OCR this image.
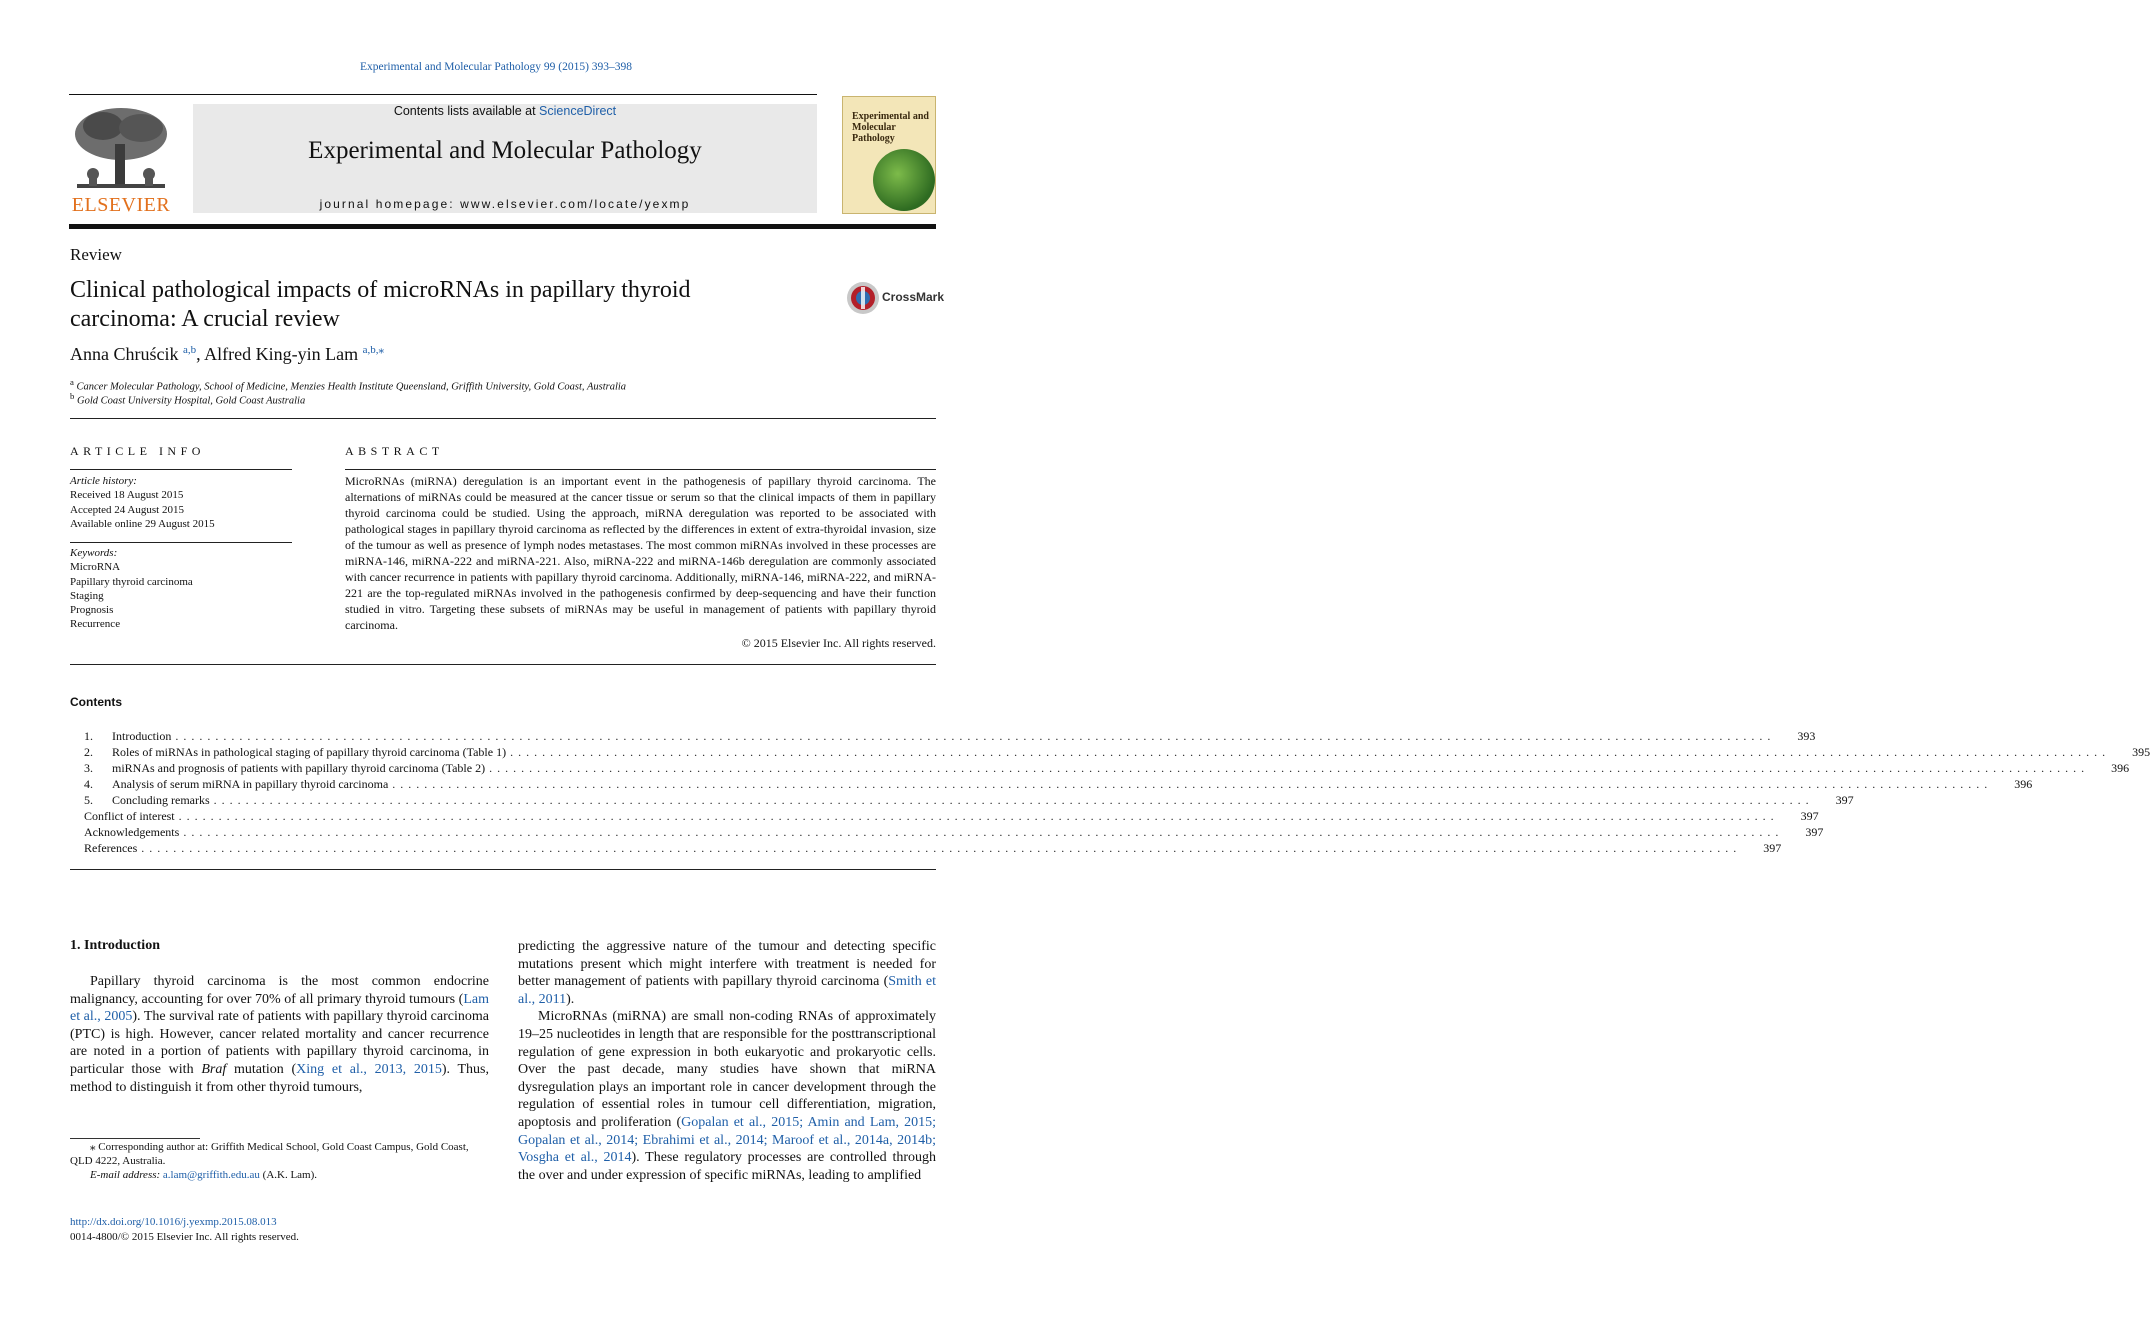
Experimental and Molecular Pathology 99 (2015) 393–398
ELSEVIER
Contents lists available at ScienceDirect
Experimental and Molecular Pathology
journal homepage: www.elsevier.com/locate/yexmp
Experimental and Molecular Pathology
Review
Clinical pathological impacts of microRNAs in papillary thyroid carcinoma: A crucial review
CrossMark
Anna Chruścik $^{a,b}$, Alfred King-yin Lam $^{a,b,⁎}$
$^a$ Cancer Molecular Pathology, School of Medicine, Menzies Health Institute Queensland, Griffith University, Gold Coast, Australia
$^b$ Gold Coast University Hospital, Gold Coast Australia
ARTICLE INFO
Article history:
Received 18 August 2015
Accepted 24 August 2015
Available online 29 August 2015
Keywords:
MicroRNA
Papillary thyroid carcinoma
Staging
Prognosis
Recurrence
ABSTRACT
MicroRNAs (miRNA) deregulation is an important event in the pathogenesis of papillary thyroid carcinoma. The alternations of miRNAs could be measured at the cancer tissue or serum so that the clinical impacts of them in papillary thyroid carcinoma could be studied. Using the approach, miRNA deregulation was reported to be associated with pathological stages in papillary thyroid carcinoma as reflected by the differences in extent of extra-thyroidal invasion, size of the tumour as well as presence of lymph nodes metastases. The most common miRNAs involved in these processes are miRNA-146, miRNA-222 and miRNA-221. Also, miRNA-222 and miRNA-146b deregulation are commonly associated with cancer recurrence in patients with papillary thyroid carcinoma. Additionally, miRNA-146, miRNA-222, and miRNA-221 are the top-regulated miRNAs involved in the pathogenesis confirmed by deep-sequencing and have their function studied in vitro. Targeting these subsets of miRNAs may be useful in management of patients with papillary thyroid carcinoma.
© 2015 Elsevier Inc. All rights reserved.
Contents
1.	Introduction ........................................................................................................................................................................................................	393
2.	Roles of miRNAs in pathological staging of papillary thyroid carcinoma (Table 1) ........................................................................................................................................................................................................	395
3.	miRNAs and prognosis of patients with papillary thyroid carcinoma (Table 2) ........................................................................................................................................................................................................	396
4.	Analysis of serum miRNA in papillary thyroid carcinoma ........................................................................................................................................................................................................	396
5.	Concluding remarks ........................................................................................................................................................................................................	397
Conflict of interest ........................................................................................................................................................................................................	397
Acknowledgements ........................................................................................................................................................................................................	397
References ........................................................................................................................................................................................................	397
1. Introduction

Papillary thyroid carcinoma is the most common endocrine malignancy, accounting for over 70% of all primary thyroid tumours (Lam et al., 2005). The survival rate of patients with papillary thyroid carcinoma (PTC) is high. However, cancer related mortality and cancer recurrence are noted in a portion of patients with papillary thyroid carcinoma, in particular those with Braf mutation (Xing et al., 2013, 2015). Thus, method to distinguish it from other thyroid tumours,

predicting the aggressive nature of the tumour and detecting specific mutations present which might interfere with treatment is needed for better management of patients with papillary thyroid carcinoma (Smith et al., 2011).

MicroRNAs (miRNA) are small non-coding RNAs of approximately 19–25 nucleotides in length that are responsible for the posttranscriptional regulation of gene expression in both eukaryotic and prokaryotic cells. Over the past decade, many studies have shown that miRNA dysregulation plays an important role in cancer development through the regulation of essential roles in tumour cell differentiation, migration, apoptosis and proliferation (Gopalan et al., 2015; Amin and Lam, 2015; Gopalan et al., 2014; Ebrahimi et al., 2014; Maroof et al., 2014a, 2014b; Vosgha et al., 2014). These regulatory processes are controlled through the over and under expression of specific miRNAs, leading to amplified

⁎ Corresponding author at: Griffith Medical School, Gold Coast Campus, Gold Coast, QLD 4222, Australia.
E-mail address: a.lam@griffith.edu.au (A.K. Lam).
http://dx.doi.org/10.1016/j.yexmp.2015.08.013
0014-4800/© 2015 Elsevier Inc. All rights reserved.
